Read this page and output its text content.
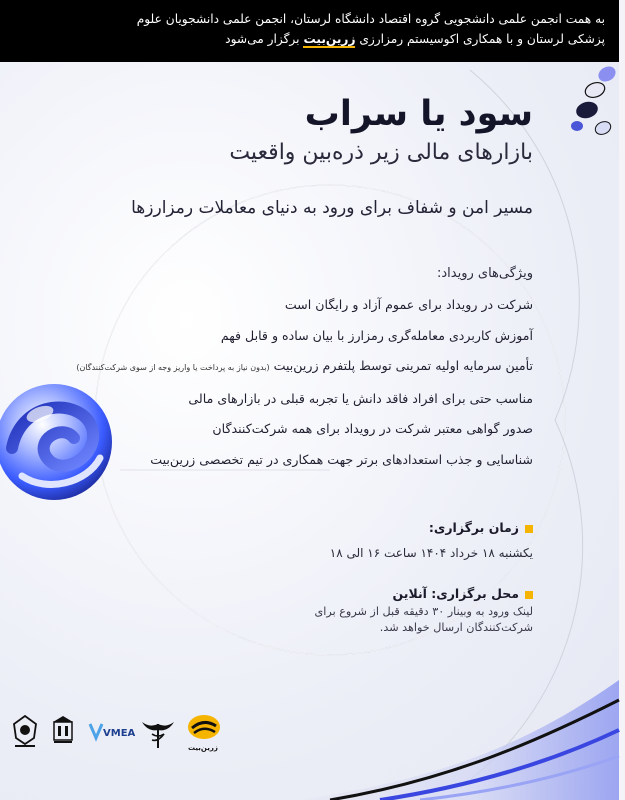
به همت انجمن علمی دانشجویی گروه اقتصاد دانشگاه لرستان، انجمن علمی دانشجویان علوم
پزشکی لرستان و با همکاری اکوسیستم رمزارزی زرین‌بیت برگزار می‌شود
سود یا سراب
بازارهای مالی زیر ذره‌بین واقعیت
مسیر امن و شفاف برای ورود به دنیای معاملات رمزارزها
ویژگی‌های رویداد:
شرکت در رویداد برای عموم آزاد و رایگان است
آموزش کاربردی معامله‌گری رمزارز با بیان ساده و قابل فهم
تأمین سرمایه اولیه تمرینی توسط پلتفرم زرین‌بیت (بدون نیاز به پرداخت یا واریز وجه از سوی شرکت‌کنندگان)
مناسب حتی برای افراد فاقد دانش یا تجربه قبلی در بازارهای مالی
صدور گواهی معتبر شرکت در رویداد برای همه شرکت‌کنندگان
شناسایی و جذب استعدادهای برتر جهت همکاری در تیم تخصصی زرین‌بیت
زمان برگزاری:
یکشنبه ۱۸ خرداد ۱۴۰۴ ساعت ۱۶ الی ۱۸
محل برگزاری: آنلاین
لینک ورود به وبینار ۳۰ دقیقه قبل از شروع برای شرکت‌کنندگان ارسال خواهد شد.
زرین‌بیت
VMEA
